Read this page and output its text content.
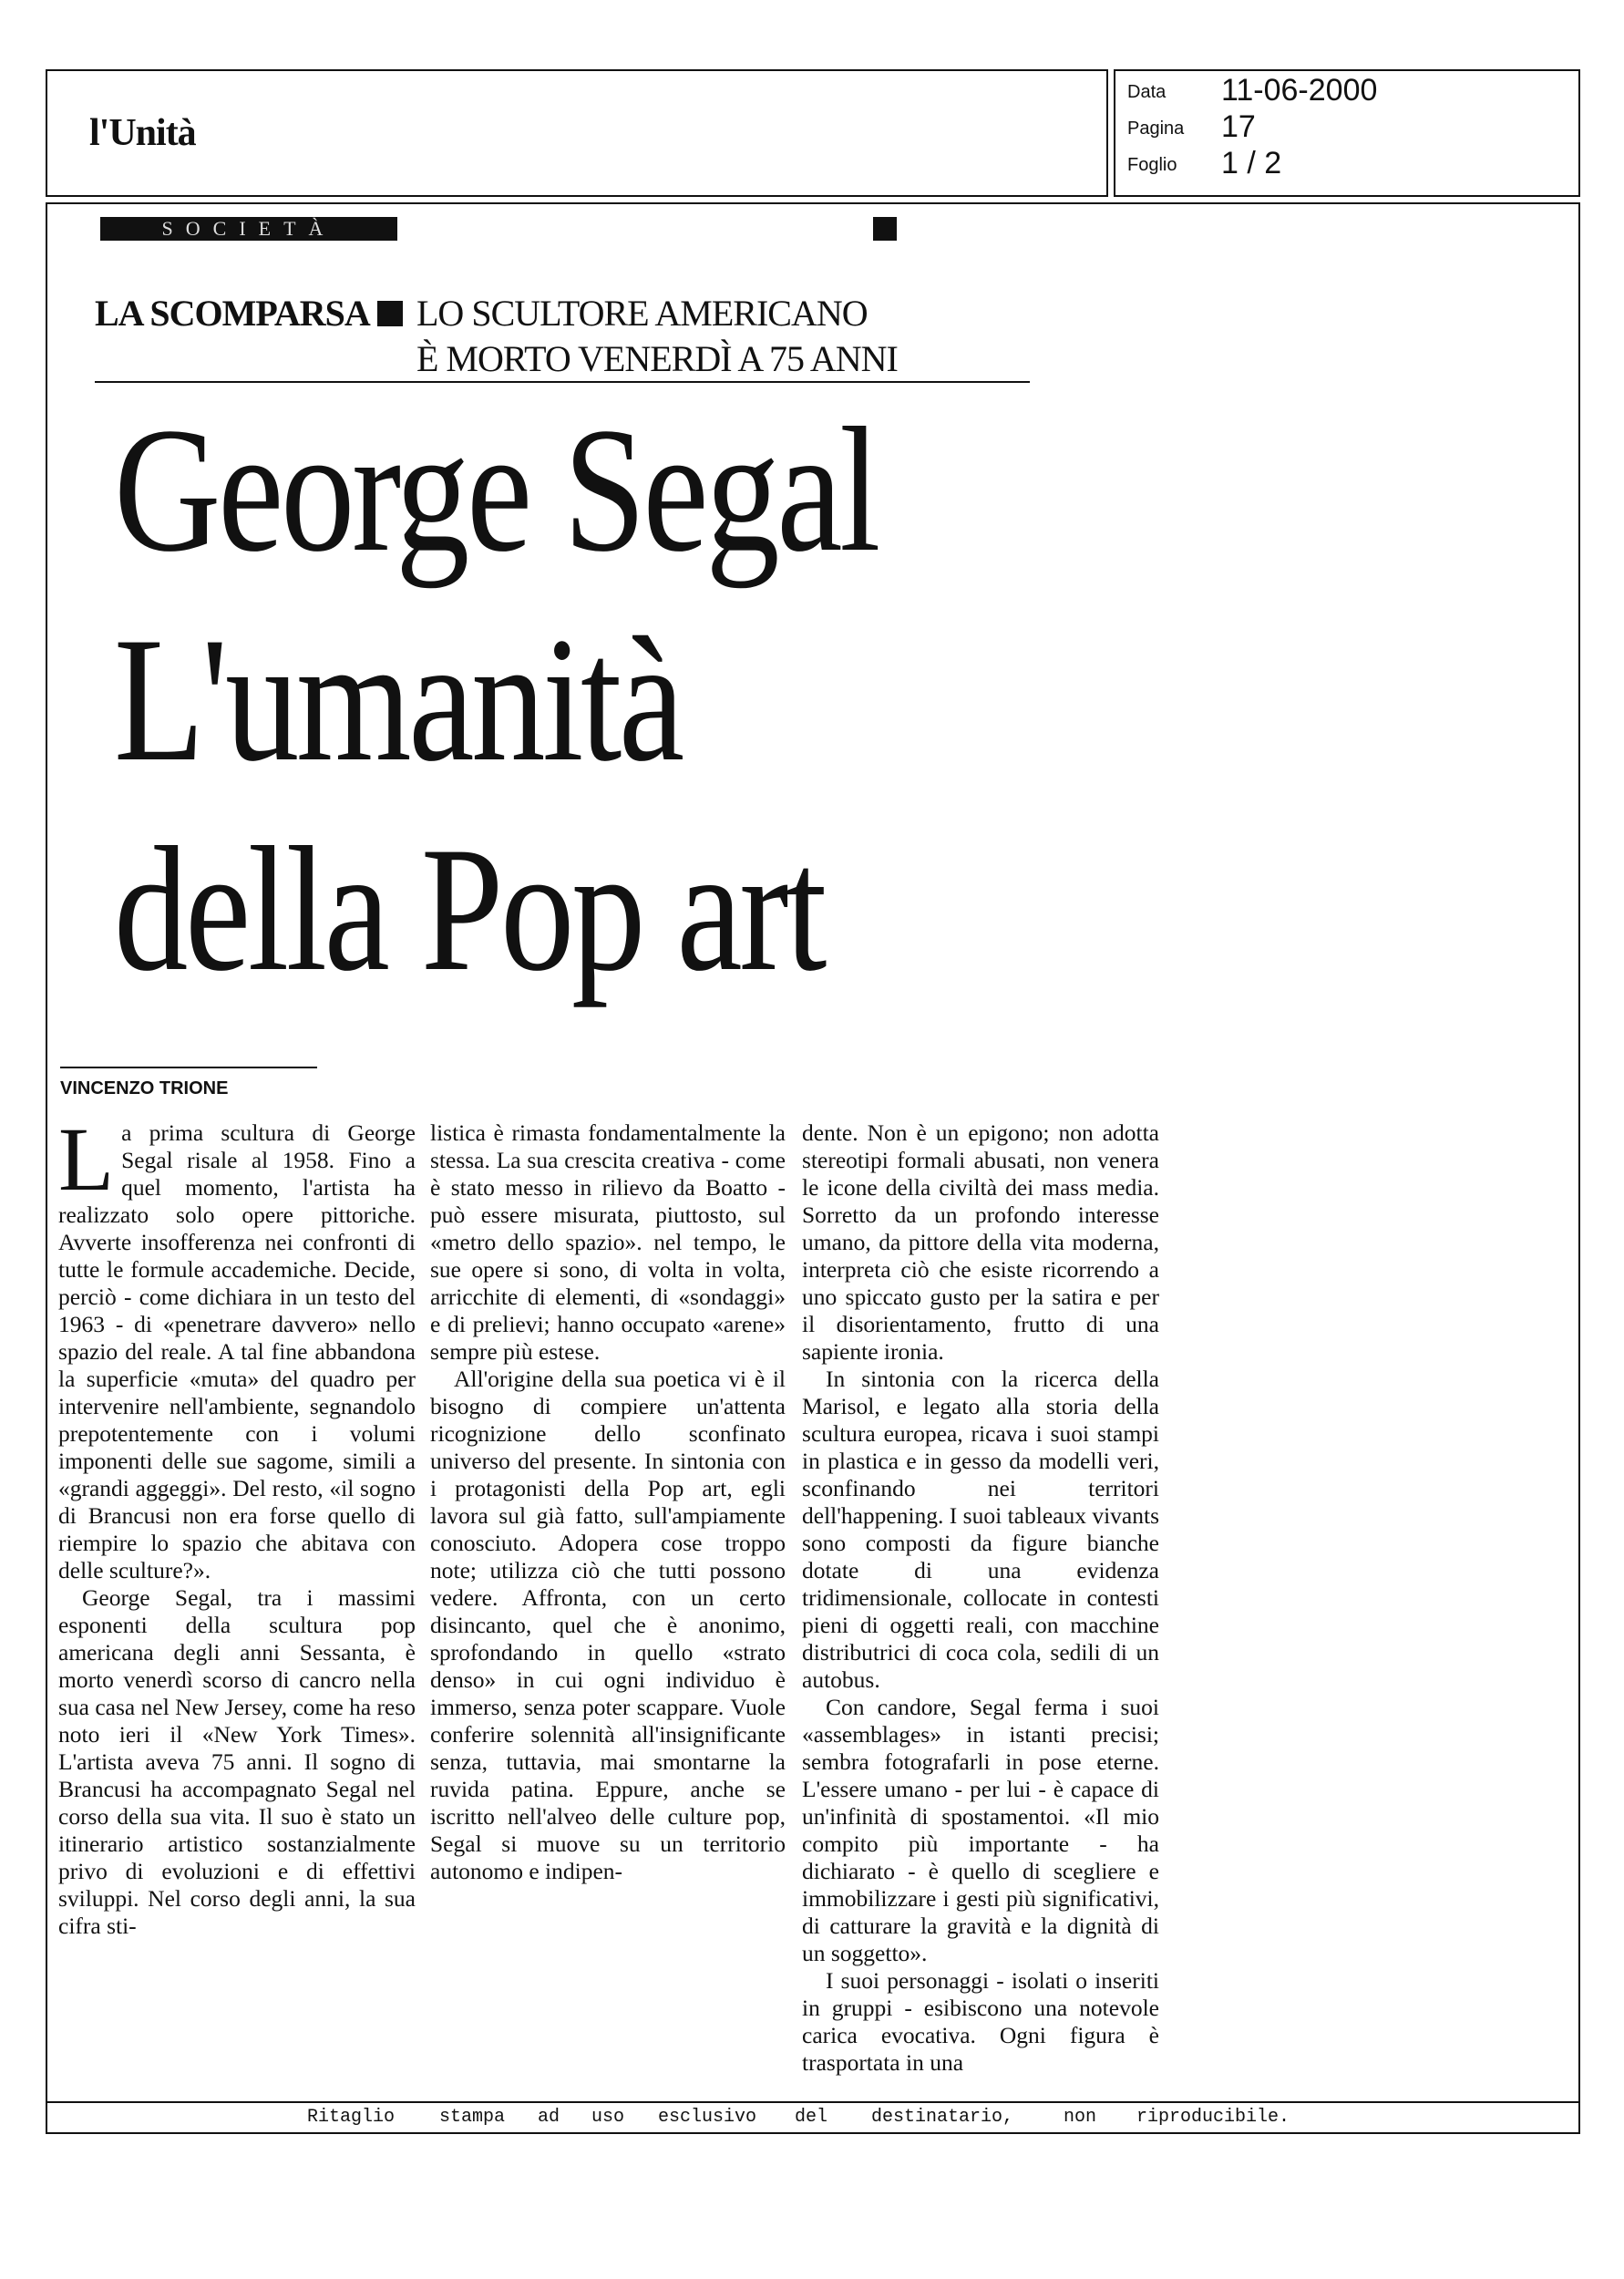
l'Unità
Data 11-06-2000
Pagina 17
Foglio 1 / 2
SOCIETÀ
LA SCOMPARSA LO SCULTORE AMERICANO
È MORTO VENERDÌ A 75 ANNI
George Segal
L'umanità
della Pop art
VINCENZO TRIONE

La prima scultura di George Segal risale al 1958. Fino a quel momento, l'artista ha realizzato solo opere pittoriche. Avverte insofferenza nei confronti di tutte le formule accademiche. Decide, perciò - come dichiara in un testo del 1963 - di «penetrare davvero» nello spazio del reale. A tal fine abbandona la superficie «muta» del quadro per intervenire nell'ambiente, segnandolo prepotentemente con i volumi imponenti delle sue sagome, simili a «grandi aggeggi». Del resto, «il sogno di Brancusi non era forse quello di riempire lo spazio che abitava con delle sculture?».

George Segal, tra i massimi esponenti della scultura pop americana degli anni Sessanta, è morto venerdì scorso di cancro nella sua casa nel New Jersey, come ha reso noto ieri il «New York Times». L'artista aveva 75 anni. Il sogno di Brancusi ha accompagnato Segal nel corso della sua vita. Il suo è stato un itinerario artistico sostanzialmente privo di evoluzioni e di effettivi sviluppi. Nel corso degli anni, la sua cifra sti-

listica è rimasta fondamentalmente la stessa. La sua crescita creativa - come è stato messo in rilievo da Boatto - può essere misurata, piuttosto, sul «metro dello spazio». nel tempo, le sue opere si sono, di volta in volta, arricchite di elementi, di «sondaggi» e di prelievi; hanno occupato «arene» sempre più estese.

All'origine della sua poetica vi è il bisogno di compiere un'attenta ricognizione dello sconfinato universo del presente. In sintonia con i protagonisti della Pop art, egli lavora sul già fatto, sull'ampiamente conosciuto. Adopera cose troppo note; utilizza ciò che tutti possono vedere. Affronta, con un certo disincanto, quel che è anonimo, sprofondando in quello «strato denso» in cui ogni individuo è immerso, senza poter scappare. Vuole conferire solennità all'insignificante senza, tuttavia, mai smontarne la ruvida patina. Eppure, anche se iscritto nell'alveo delle culture pop, Segal si muove su un territorio autonomo e indipen-

dente. Non è un epigono; non adotta stereotipi formali abusati, non venera le icone della civiltà dei mass media. Sorretto da un profondo interesse umano, da pittore della vita moderna, interpreta ciò che esiste ricorrendo a uno spiccato gusto per la satira e per il disorientamento, frutto di una sapiente ironia.

In sintonia con la ricerca della Marisol, e legato alla storia della scultura europea, ricava i suoi stampi in plastica e in gesso da modelli veri, sconfinando nei territori dell'happening. I suoi tableaux vivants sono composti da figure bianche dotate di una evidenza tridimensionale, collocate in contesti pieni di oggetti reali, con macchine distributrici di coca cola, sedili di un autobus.

Con candore, Segal ferma i suoi «assemblages» in istanti precisi; sembra fotografarli in pose eterne. L'essere umano - per lui - è capace di un'infinità di spostamentoi. «Il mio compito più importante - ha dichiarato - è quello di scegliere e immobilizzare i gesti più significativi, di catturare la gravità e la dignità di un soggetto».

I suoi personaggi - isolati o inseriti in gruppi - esibiscono una notevole carica evocativa. Ogni figura è trasportata in una

Ritaglio stampa ad uso esclusivo del destinatario,	non riproducibile.
